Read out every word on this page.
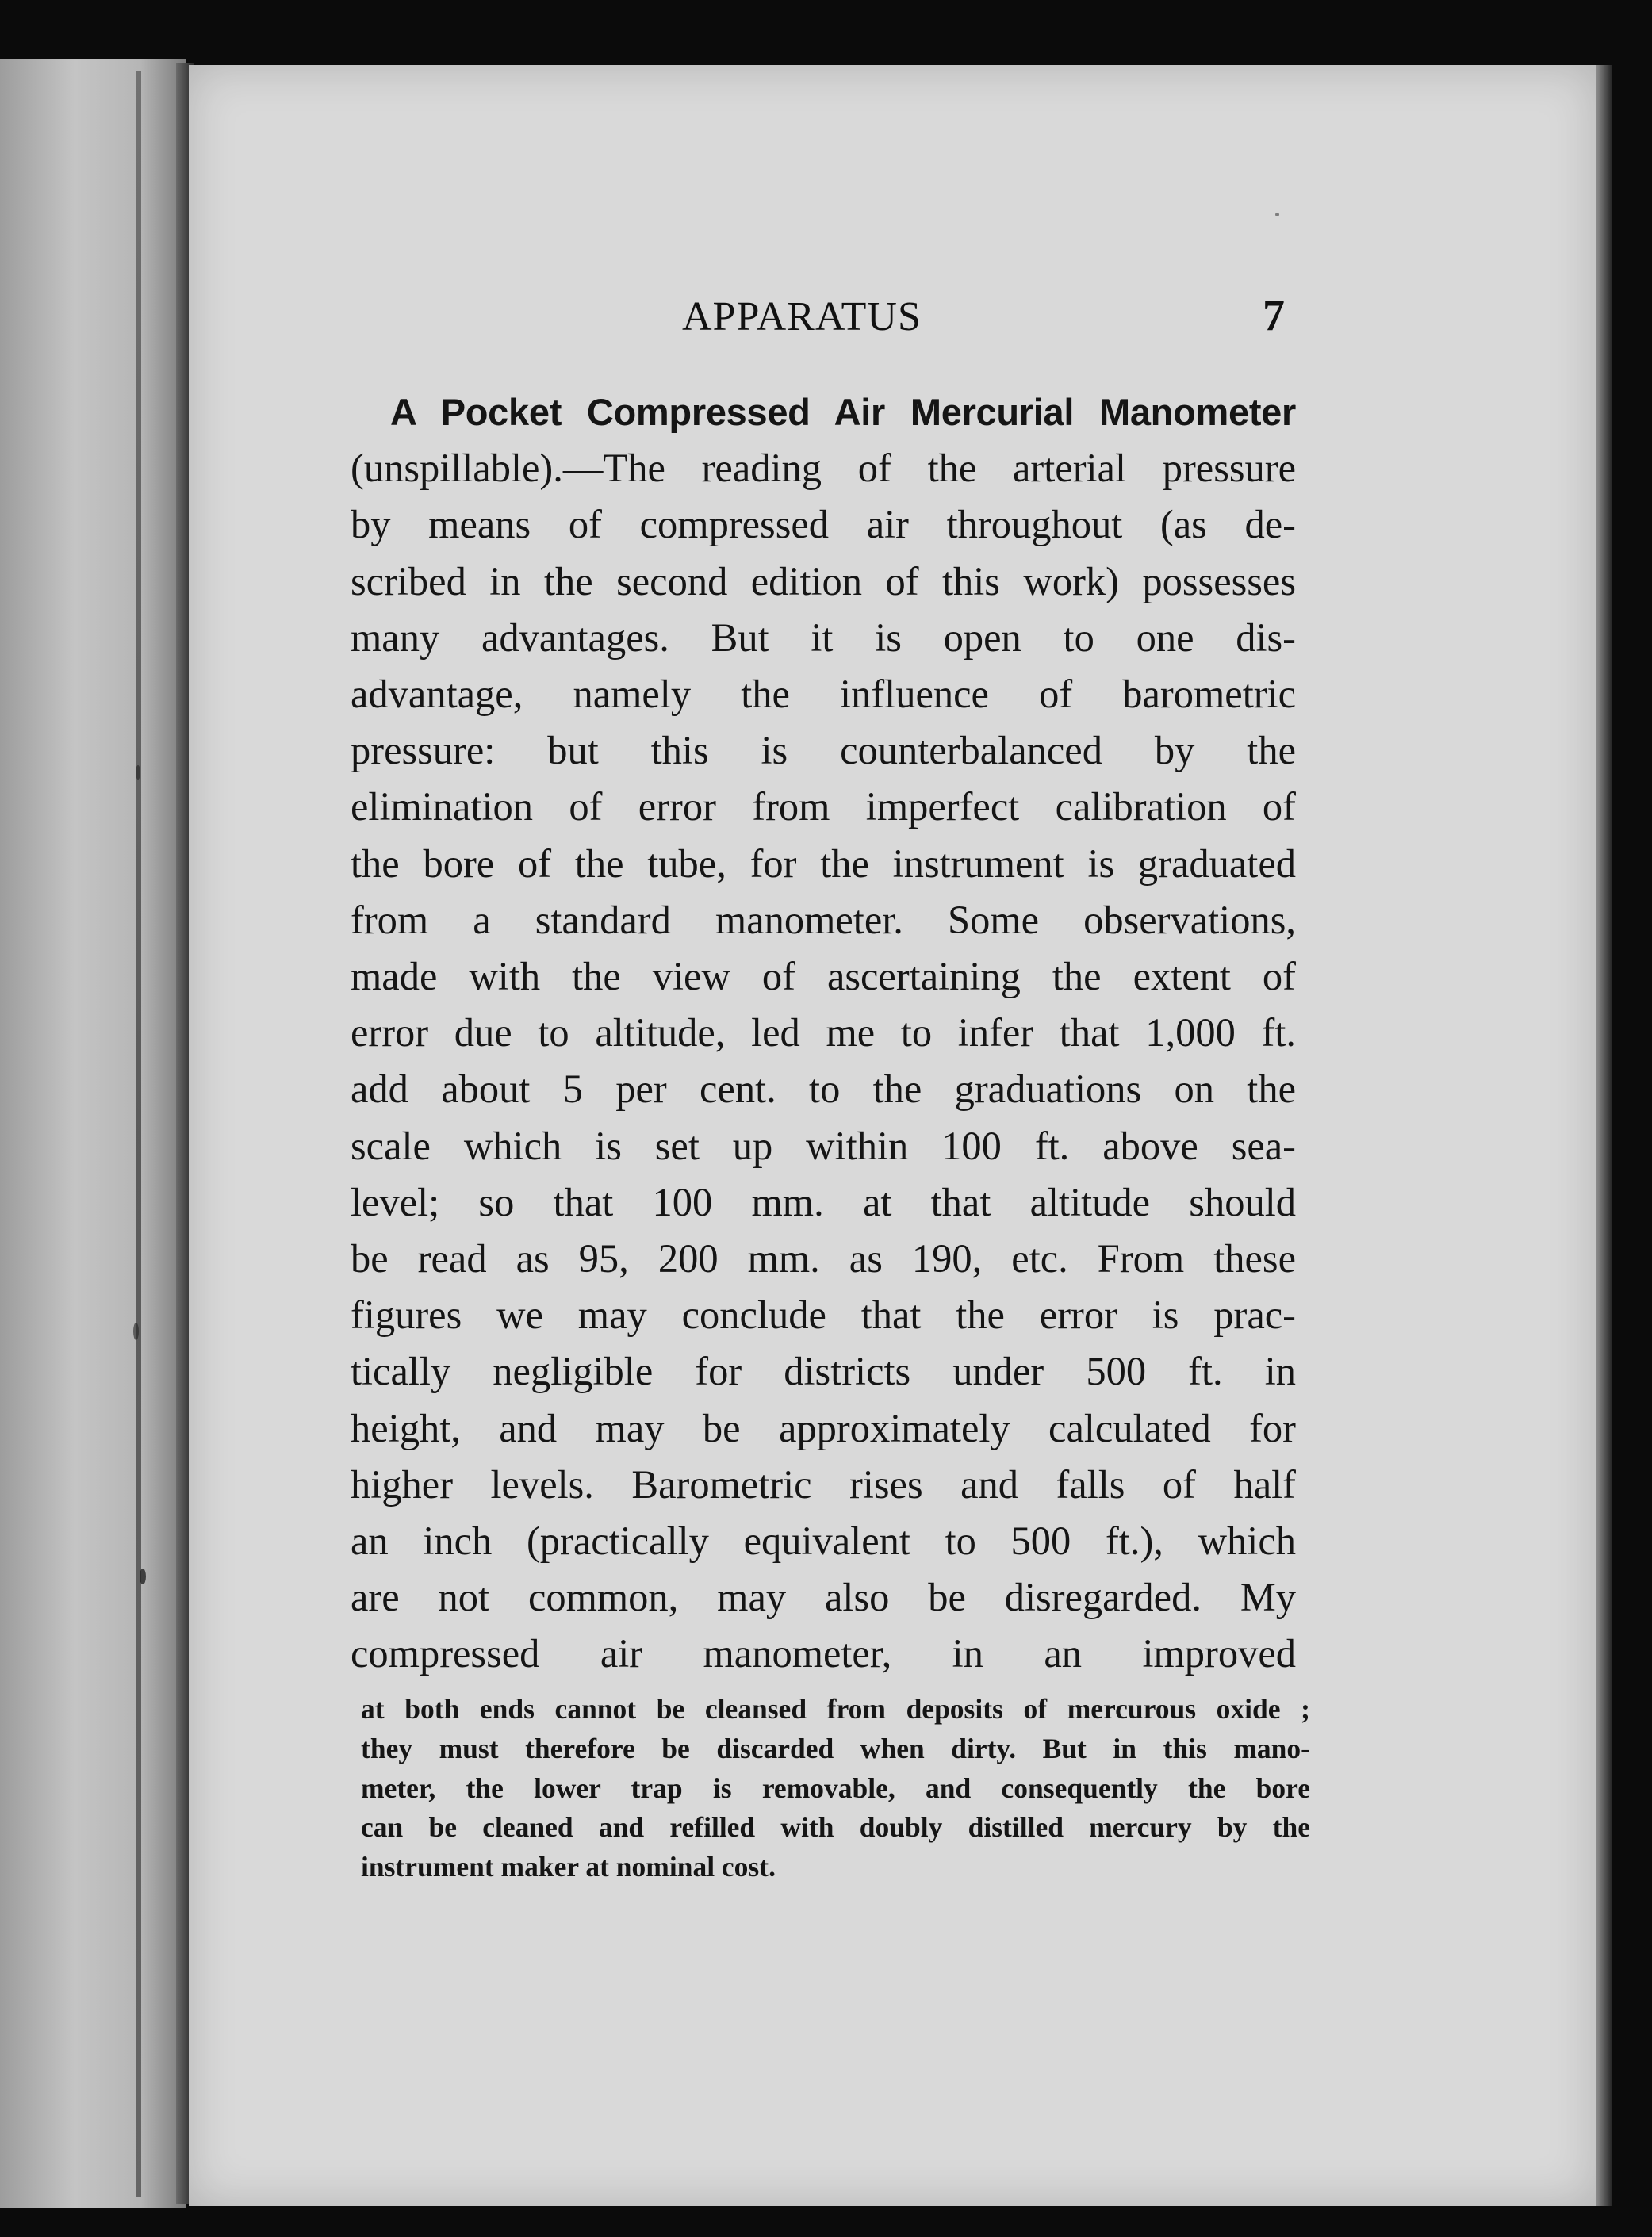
APPARATUS	7
A Pocket Compressed Air Mercurial Manometer
(unspillable).—The reading of the arterial pressure
by means of compressed air throughout (as de-
scribed in the second edition of this work) possesses
many advantages. But it is open to one dis-
advantage, namely the influence of barometric
pressure: but this is counterbalanced by the
elimination of error from imperfect calibration of
the bore of the tube, for the instrument is graduated
from a standard manometer. Some observations,
made with the view of ascertaining the extent of
error due to altitude, led me to infer that 1,000 ft.
add about 5 per cent. to the graduations on the
scale which is set up within 100 ft. above sea-
level; so that 100 mm. at that altitude should
be read as 95, 200 mm. as 190, etc. From these
figures we may conclude that the error is prac-
tically negligible for districts under 500 ft. in
height, and may be approximately calculated for
higher levels. Barometric rises and falls of half
an inch (practically equivalent to 500 ft.), which
are not common, may also be disregarded. My
compressed air manometer, in an improved
at both ends cannot be cleansed from deposits of mercurous oxide ;
they must therefore be discarded when dirty. But in this mano-
meter, the lower trap is removable, and consequently the bore
can be cleaned and refilled with doubly distilled mercury by the
instrument maker at nominal cost.
